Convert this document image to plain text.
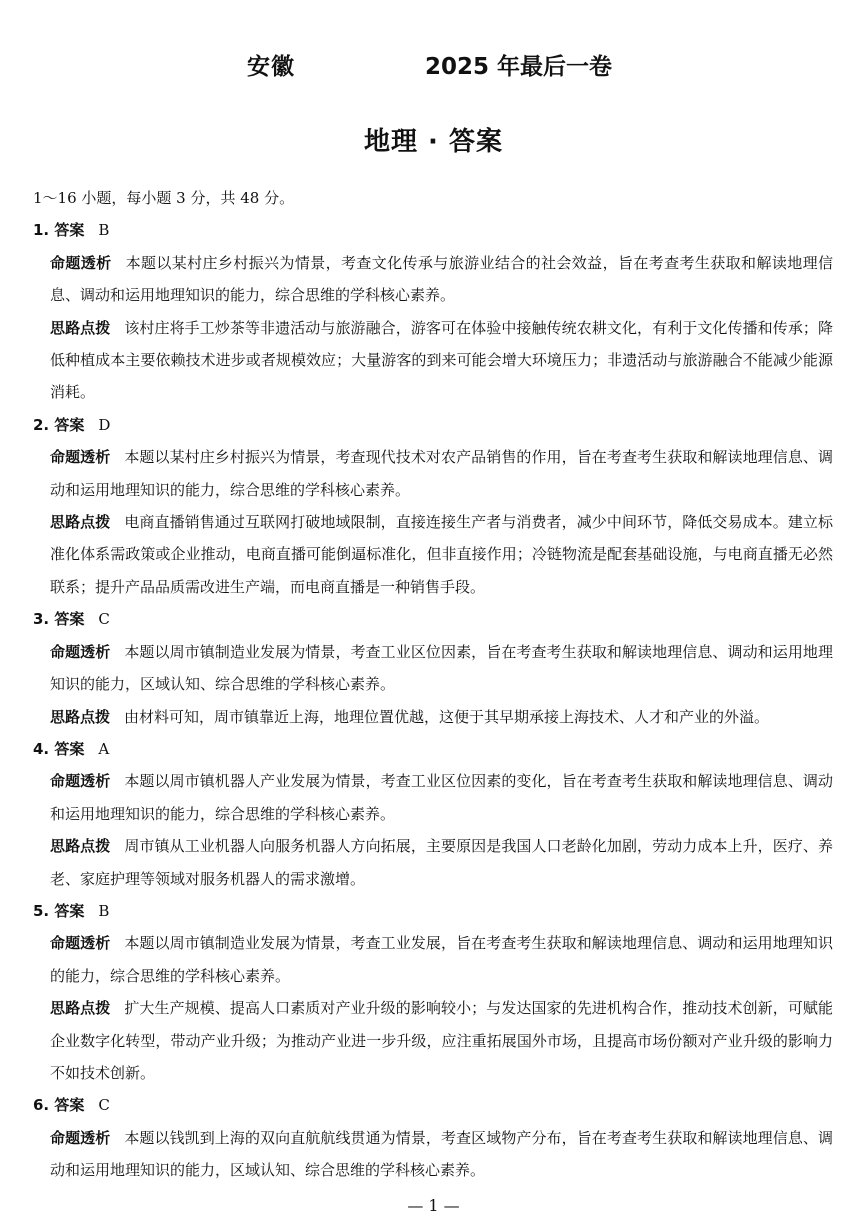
安徽	2025 年最后一卷
地理 · 答案

1～16 小题，每小题 3 分，共 48 分。

1. 答案 B

命题透析 本题以某村庄乡村振兴为情景，考查文化传承与旅游业结合的社会效益，旨在考查考生获取和解读地理信息、调动和运用地理知识的能力，综合思维的学科核心素养。

思路点拨 该村庄将手工炒茶等非遗活动与旅游融合，游客可在体验中接触传统农耕文化，有利于文化传播和传承；降低种植成本主要依赖技术进步或者规模效应；大量游客的到来可能会增大环境压力；非遗活动与旅游融合不能减少能源消耗。

2. 答案 D

命题透析 本题以某村庄乡村振兴为情景，考查现代技术对农产品销售的作用，旨在考查考生获取和解读地理信息、调动和运用地理知识的能力，综合思维的学科核心素养。

思路点拨 电商直播销售通过互联网打破地域限制，直接连接生产者与消费者，减少中间环节，降低交易成本。建立标准化体系需政策或企业推动，电商直播可能倒逼标准化，但非直接作用；冷链物流是配套基础设施，与电商直播无必然联系；提升产品品质需改进生产端，而电商直播是一种销售手段。

3. 答案 C

命题透析 本题以周市镇制造业发展为情景，考查工业区位因素，旨在考查考生获取和解读地理信息、调动和运用地理知识的能力，区域认知、综合思维的学科核心素养。

思路点拨 由材料可知，周市镇靠近上海，地理位置优越，这便于其早期承接上海技术、人才和产业的外溢。

4. 答案 A

命题透析 本题以周市镇机器人产业发展为情景，考查工业区位因素的变化，旨在考查考生获取和解读地理信息、调动和运用地理知识的能力，综合思维的学科核心素养。

思路点拨 周市镇从工业机器人向服务机器人方向拓展，主要原因是我国人口老龄化加剧，劳动力成本上升，医疗、养老、家庭护理等领域对服务机器人的需求激增。

5. 答案 B

命题透析 本题以周市镇制造业发展为情景，考查工业发展，旨在考查考生获取和解读地理信息、调动和运用地理知识的能力，综合思维的学科核心素养。

思路点拨 扩大生产规模、提高人口素质对产业升级的影响较小；与发达国家的先进机构合作，推动技术创新，可赋能企业数字化转型，带动产业升级；为推动产业进一步升级，应注重拓展国外市场，且提高市场份额对产业升级的影响力不如技术创新。

6. 答案 C

命题透析 本题以钱凯到上海的双向直航航线贯通为情景，考查区域物产分布，旨在考查考生获取和解读地理信息、调动和运用地理知识的能力，区域认知、综合思维的学科核心素养。

— 1 —
